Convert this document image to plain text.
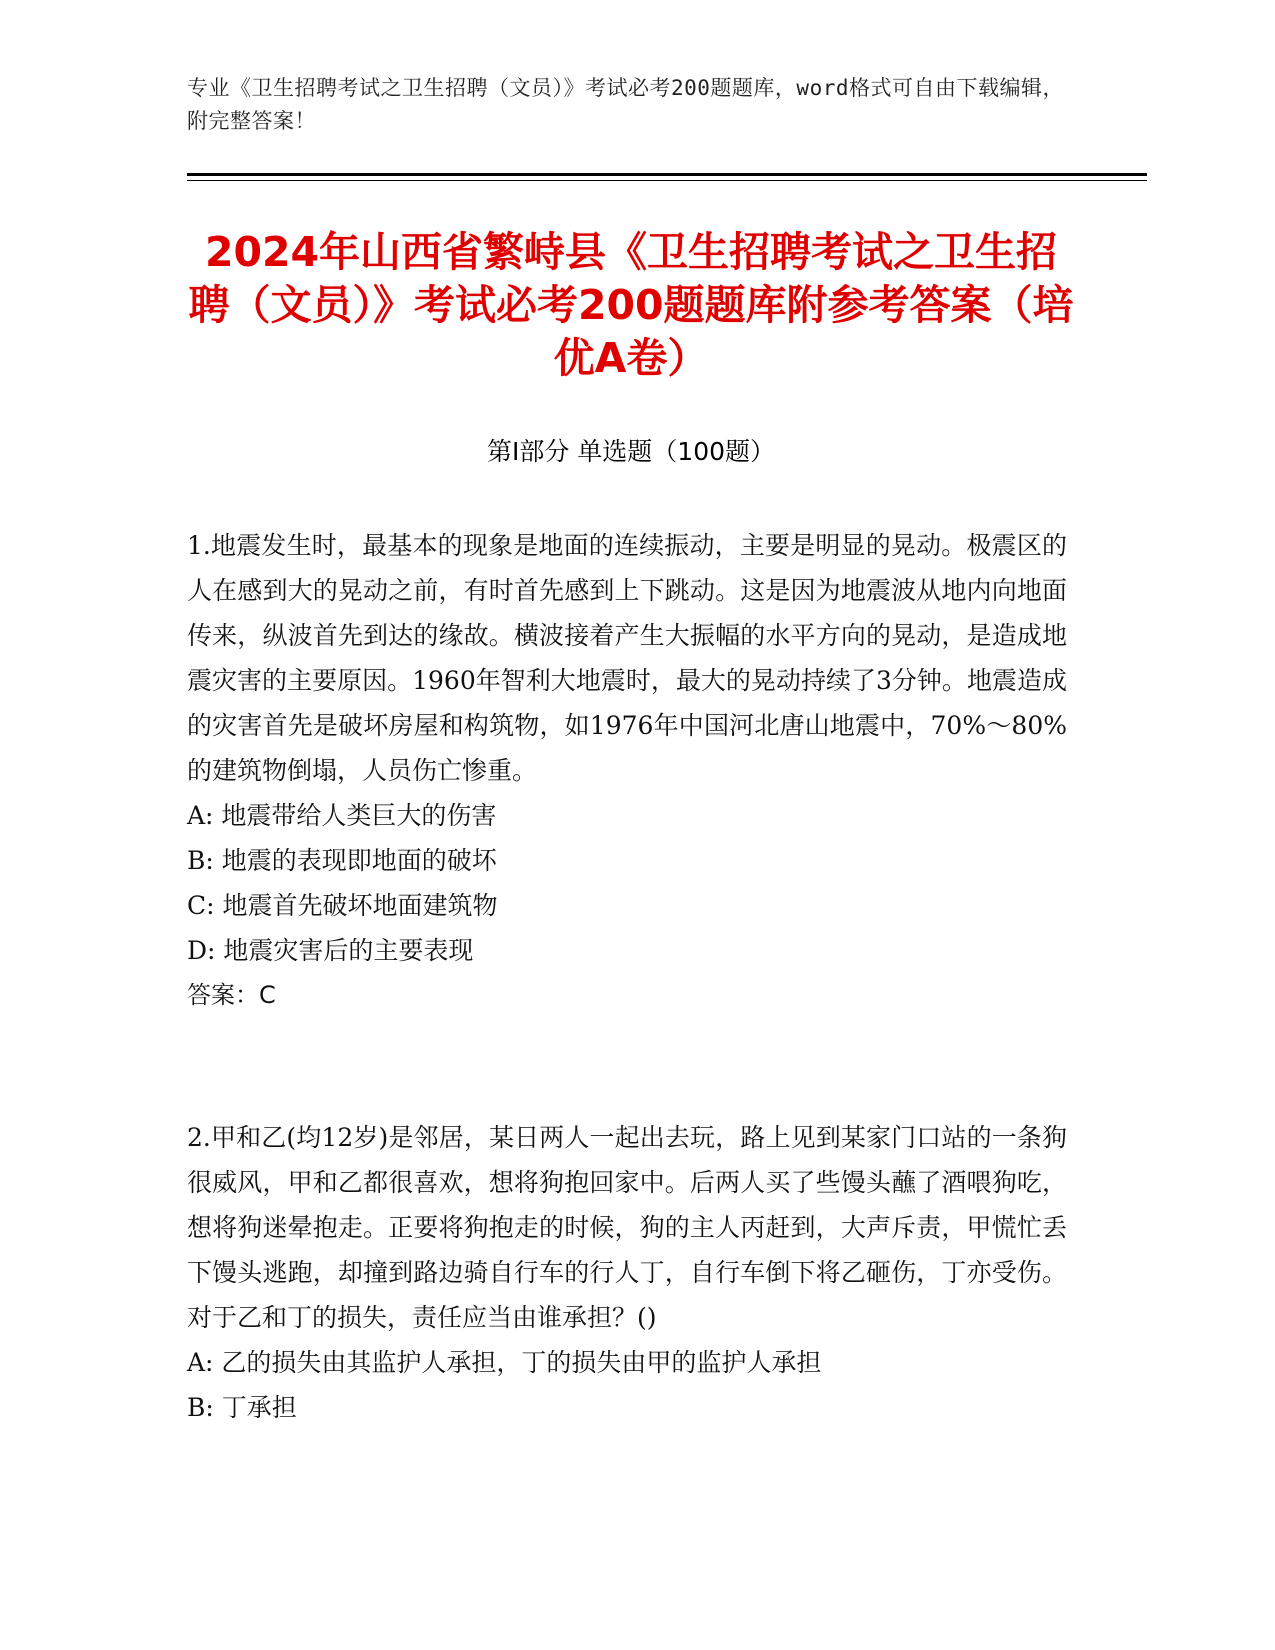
专业《卫生招聘考试之卫生招聘（文员）》考试必考200题题库，word格式可自由下载编辑，附完整答案！
2024年山西省繁峙县《卫生招聘考试之卫生招聘（文员）》考试必考200题题库附参考答案（培优A卷）
第I部分 单选题（100题）

1.地震发生时，最基本的现象是地面的连续振动，主要是明显的晃动。极震区的人在感到大的晃动之前，有时首先感到上下跳动。这是因为地震波从地内向地面传来，纵波首先到达的缘故。横波接着产生大振幅的水平方向的晃动，是造成地震灾害的主要原因。1960年智利大地震时，最大的晃动持续了3分钟。地震造成的灾害首先是破坏房屋和构筑物，如1976年中国河北唐山地震中，70%～80%的建筑物倒塌，人员伤亡惨重。

A: 地震带给人类巨大的伤害

B: 地震的表现即地面的破坏

C: 地震首先破坏地面建筑物

D: 地震灾害后的主要表现

答案：C

2.甲和乙(均12岁)是邻居，某日两人一起出去玩，路上见到某家门口站的一条狗很威风，甲和乙都很喜欢，想将狗抱回家中。后两人买了些馒头蘸了酒喂狗吃，想将狗迷晕抱走。正要将狗抱走的时候，狗的主人丙赶到，大声斥责，甲慌忙丢下馒头逃跑，却撞到路边骑自行车的行人丁，自行车倒下将乙砸伤，丁亦受伤。对于乙和丁的损失，责任应当由谁承担？()

A: 乙的损失由其监护人承担，丁的损失由甲的监护人承担

B: 丁承担
